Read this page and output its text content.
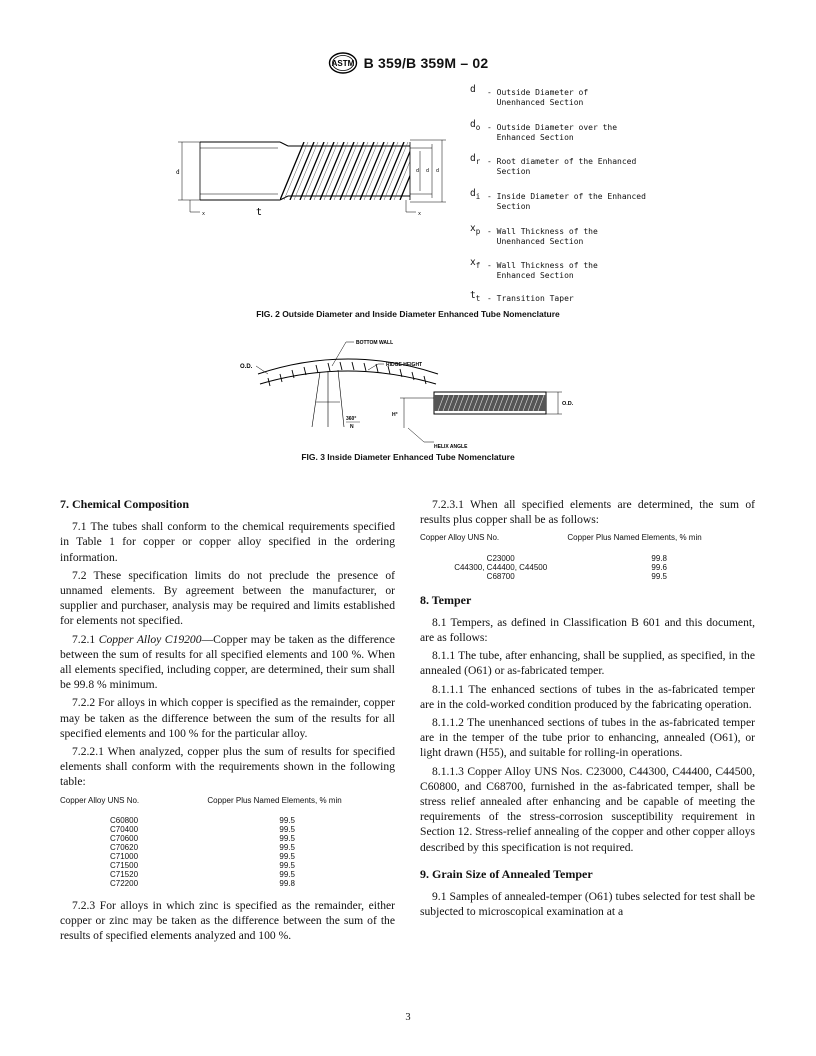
ASTM B 359/B 359M – 02
d d d
d
x	t	x
d - Outside Diameter of
Unenhanced Section
$d_o$ - Outside Diameter over the
Enhanced Section
$d_r$ - Root diameter of the Enhanced
Section
$d_i$ - Inside Diameter of the Enhanced
Section
$x_p$ - Wall Thickness of the
Unenhanced Section
$x_f$ - Wall Thickness of the
Enhanced Section
$t_t$ - Transition Taper
FIG. 2 Outside Diameter and Inside Diameter Enhanced Tube Nomenclature
O.D.
BOTTOM WALL
RIDGE HEIGHT
360°
N
O.D.
H°
HELIX ANGLE
FIG. 3 Inside Diameter Enhanced Tube Nomenclature
7. Chemical Composition

7.1 The tubes shall conform to the chemical requirements specified in Table 1 for copper or copper alloy specified in the ordering information.

7.2 These specification limits do not preclude the presence of unnamed elements. By agreement between the manufacturer, or supplier and purchaser, analysis may be required and limits established for elements not specified.

7.2.1 Copper Alloy C19200—Copper may be taken as the difference between the sum of results for all specified elements and 100 %. When all elements specified, including copper, are determined, their sum shall be 99.8 % minimum.

7.2.2 For alloys in which copper is specified as the remainder, copper may be taken as the difference between the sum of the results for all specified elements and 100 % for the particular alloy.

7.2.2.1 When analyzed, copper plus the sum of results for specified elements shall conform with the requirements shown in the following table:

Copper Alloy UNS No.	Copper Plus Named Elements, % min
C60800	99.5
C70400	99.5
C70600	99.5
C70620	99.5
C71000	99.5
C71500	99.5
C71520	99.5
C72200	99.8

7.2.3 For alloys in which zinc is specified as the remainder, either copper or zinc may be taken as the difference between the sum of the results of specified elements analyzed and 100 %.

7.2.3.1 When all specified elements are determined, the sum of results plus copper shall be as follows:

Copper Alloy UNS No.	Copper Plus Named Elements, % min
C23000	99.8
C44300, C44400, C44500	99.6
C68700	99.5
8. Temper

8.1 Tempers, as defined in Classification B 601 and this document, are as follows:

8.1.1 The tube, after enhancing, shall be supplied, as specified, in the annealed (O61) or as-fabricated temper.

8.1.1.1 The enhanced sections of tubes in the as-fabricated temper are in the cold-worked condition produced by the fabricating operation.

8.1.1.2 The unenhanced sections of tubes in the as-fabricated temper are in the temper of the tube prior to enhancing, annealed (O61), or light drawn (H55), and suitable for rolling-in operations.

8.1.1.3 Copper Alloy UNS Nos. C23000, C44300, C44400, C44500, C60800, and C68700, furnished in the as-fabricated temper, shall be stress relief annealed after enhancing and be capable of meeting the requirements of the stress-corrosion susceptibility requirement in Section 12. Stress-relief annealing of the copper and other copper alloys described by this specification is not required.

9. Grain Size of Annealed Temper

9.1 Samples of annealed-temper (O61) tubes selected for test shall be subjected to microscopical examination at a

3
